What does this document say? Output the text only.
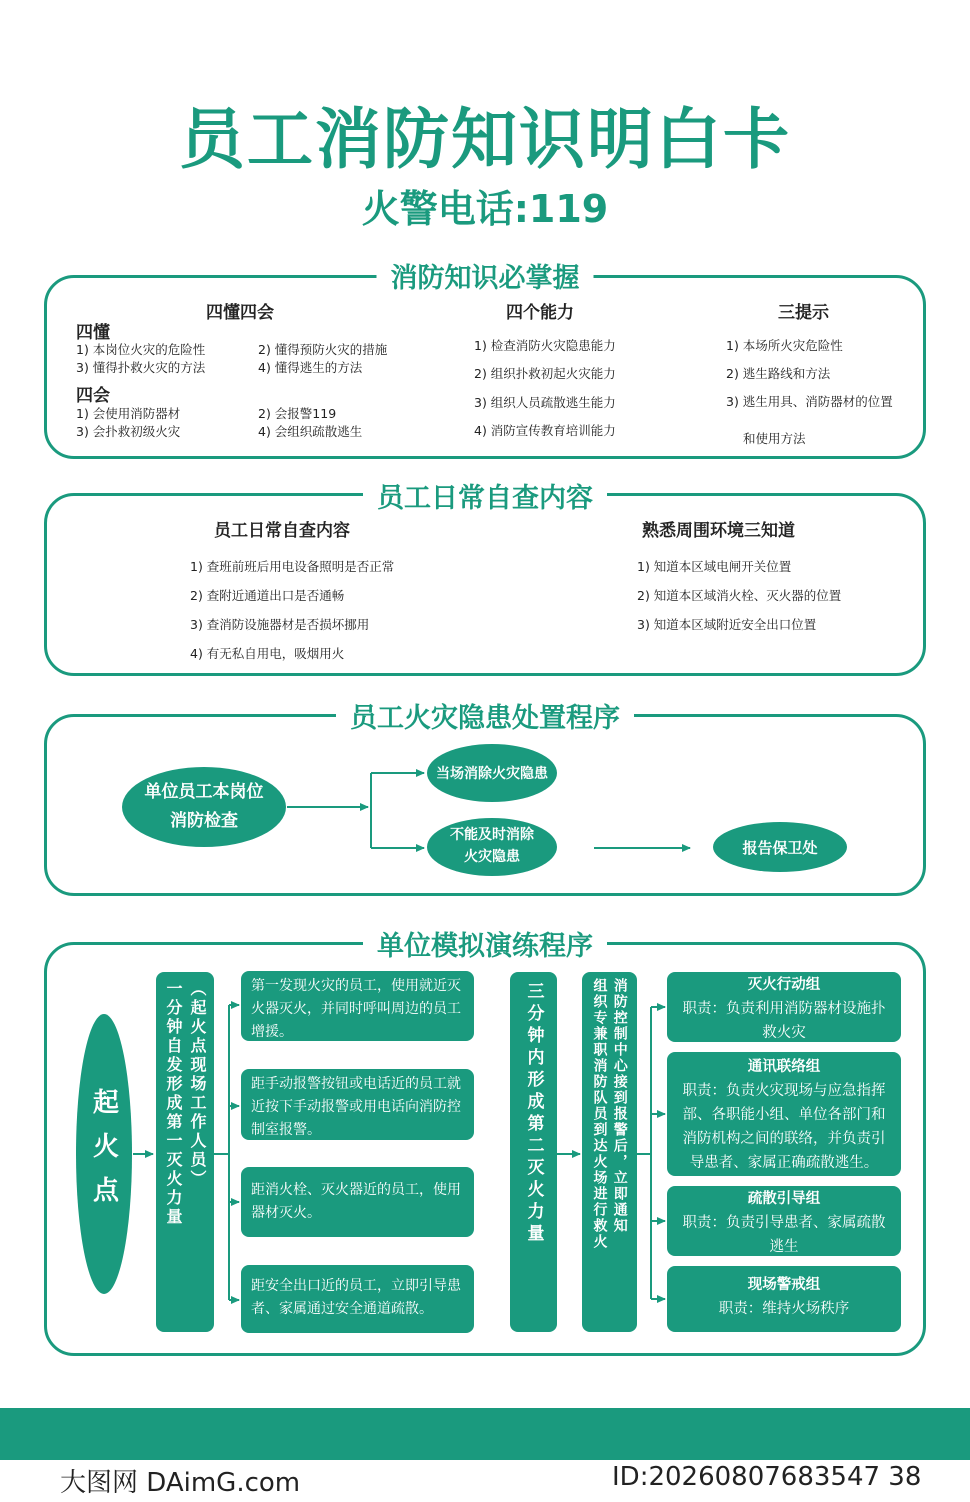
员工消防知识明白卡
火警电话:119
消防知识必掌握
四懂四会
四懂
1) 本岗位火灾的危险性	2) 懂得预防火灾的措施
3) 懂得扑救火灾的方法	4) 懂得逃生的方法
四会
1) 会使用消防器材	2) 会报警119
3) 会扑救初级火灾	4) 会组织疏散逃生
四个能力
1) 检查消防火灾隐患能力
2) 组织扑救初起火灾能力
3) 组织人员疏散逃生能力
4) 消防宣传教育培训能力
三提示
1) 本场所火灾危险性
2) 逃生路线和方法
3) 逃生用具、消防器材的位置
和使用方法
员工日常自查内容
员工日常自查内容
1) 查班前班后用电设备照明是否正常
2) 查附近通道出口是否通畅
3) 查消防设施器材是否损坏挪用
4) 有无私自用电，吸烟用火
熟悉周围环境三知道
1) 知道本区域电闸开关位置
2) 知道本区域消火栓、灭火器的位置
3) 知道本区域附近安全出口位置
员工火灾隐患处置程序
单位员工本岗位
消防检查
当场消除火灾隐患
不能及时消除
火灾隐患
报告保卫处
单位模拟演练程序
起火点	一分钟自发形成第一灭火力量 （起火点现场工作人员）	第一发现火灾的员工，使用就近灭火器灭火，并同时呼叫周边的员工增援。
距手动报警按钮或电话近的员工就近按下手动报警或用电话向消防控制室报警。
距消火栓、灭火器近的员工，使用器材灭火。
距安全出口近的员工，立即引导患者、家属通过安全通道疏散。
三分钟内形成第二灭火力量	消防控制中心接到报警后，立即通知
组织专兼职消防队员到达火场进行救火	灭火行动组
职责：负责利用消防器材设施扑救火灾
通讯联络组
职责：负责火灾现场与应急指挥部、各职能小组、单位各部门和消防机构之间的联络，并负责引导患者、家属正确疏散逃生。
疏散引导组
职责：负责引导患者、家属疏散逃生
现场警戒组
职责：维持火场秩序
大图网 DAimG.com	ID:20260807683547 38
